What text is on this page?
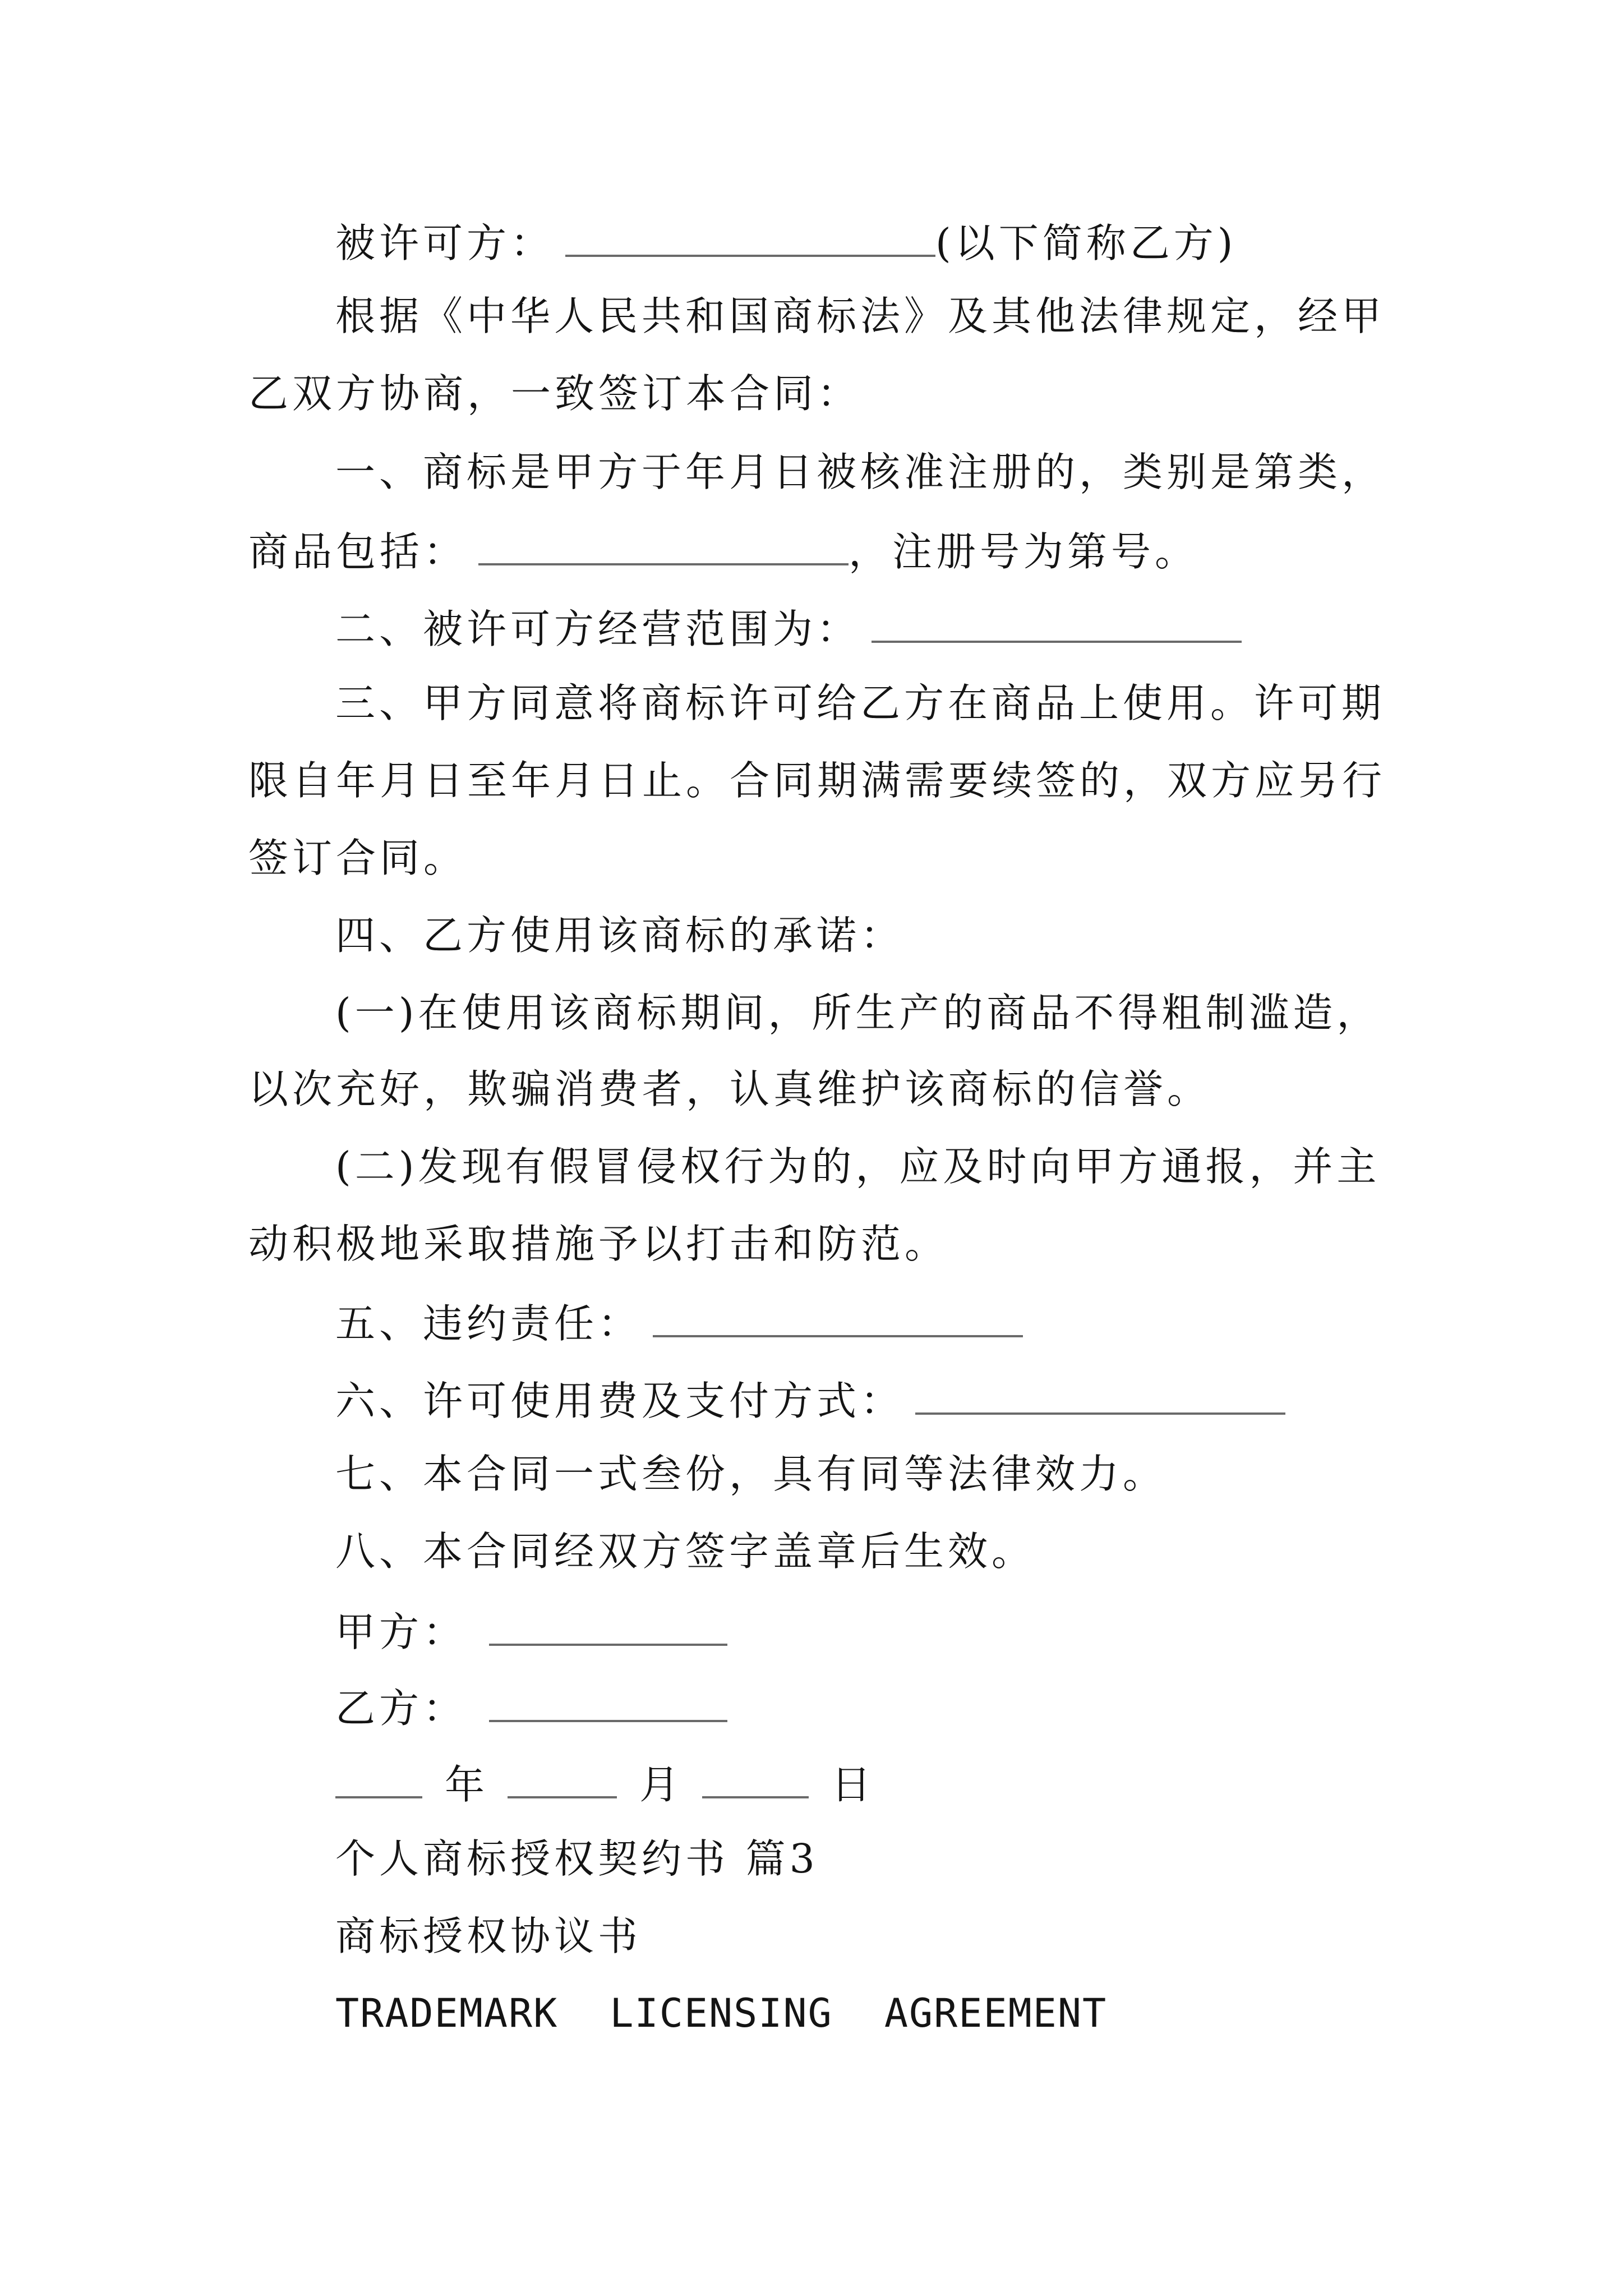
被许可方：	(以下简称乙方)
根据《中华人民共和国商标法》及其他法律规定，经甲
乙双方协商，一致签订本合同：
一、商标是甲方于年月日被核准注册的，类别是第类，
商品包括：	，注册号为第号。
二、被许可方经营范围为：
三、甲方同意将商标许可给乙方在商品上使用。许可期
限自年月日至年月日止。合同期满需要续签的，双方应另行
签订合同。
四、乙方使用该商标的承诺：
(一)在使用该商标期间，所生产的商品不得粗制滥造，
以次充好，欺骗消费者，认真维护该商标的信誉。
(二)发现有假冒侵权行为的，应及时向甲方通报，并主
动积极地采取措施予以打击和防范。
五、违约责任：
六、许可使用费及支付方式：
七、本合同一式叁份，具有同等法律效力。
八、本合同经双方签字盖章后生效。
甲方：
乙方：
年	月	日
个人商标授权契约书 篇3
商标授权协议书
TRADEMARK LICENSING AGREEMENT
